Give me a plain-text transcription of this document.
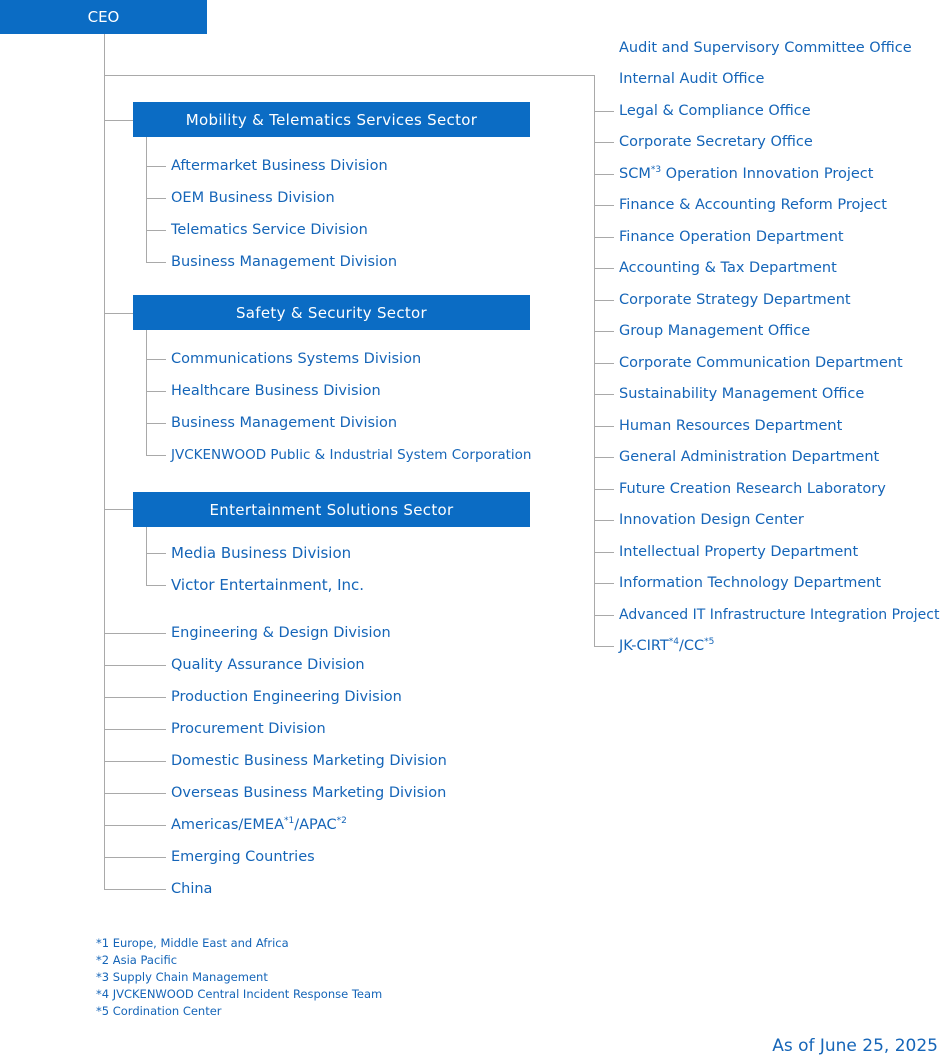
CEO
Mobility & Telematics Services Sector
Safety & Security Sector
Entertainment Solutions Sector
Aftermarket Business Division
OEM Business Division
Telematics Service Division
Business Management Division
Communications Systems Division
Healthcare Business Division
Business Management Division
JVCKENWOOD Public & Industrial System Corporation
Media Business Division
Victor Entertainment, Inc.
Engineering & Design Division
Quality Assurance Division
Production Engineering Division
Procurement Division
Domestic Business Marketing Division
Overseas Business Marketing Division
Americas/EMEA$^{*1}$/APAC$^{*2}$
Emerging Countries
China
Audit and Supervisory Committee Office
Internal Audit Office
Legal & Compliance Office
Corporate Secretary Office
SCM$^{*3}$ Operation Innovation Project
Finance & Accounting Reform Project
Finance Operation Department
Accounting & Tax Department
Corporate Strategy Department
Group Management Office
Corporate Communication Department
Sustainability Management Office
Human Resources Department
General Administration Department
Future Creation Research Laboratory
Innovation Design Center
Intellectual Property Department
Information Technology Department
Advanced IT Infrastructure Integration Project
JK-CIRT$^{*4}$/CC$^{*5}$
*1 Europe, Middle East and Africa
*2 Asia Pacific
*3 Supply Chain Management
*4 JVCKENWOOD Central Incident Response Team
*5 Cordination Center
As of June 25, 2025
